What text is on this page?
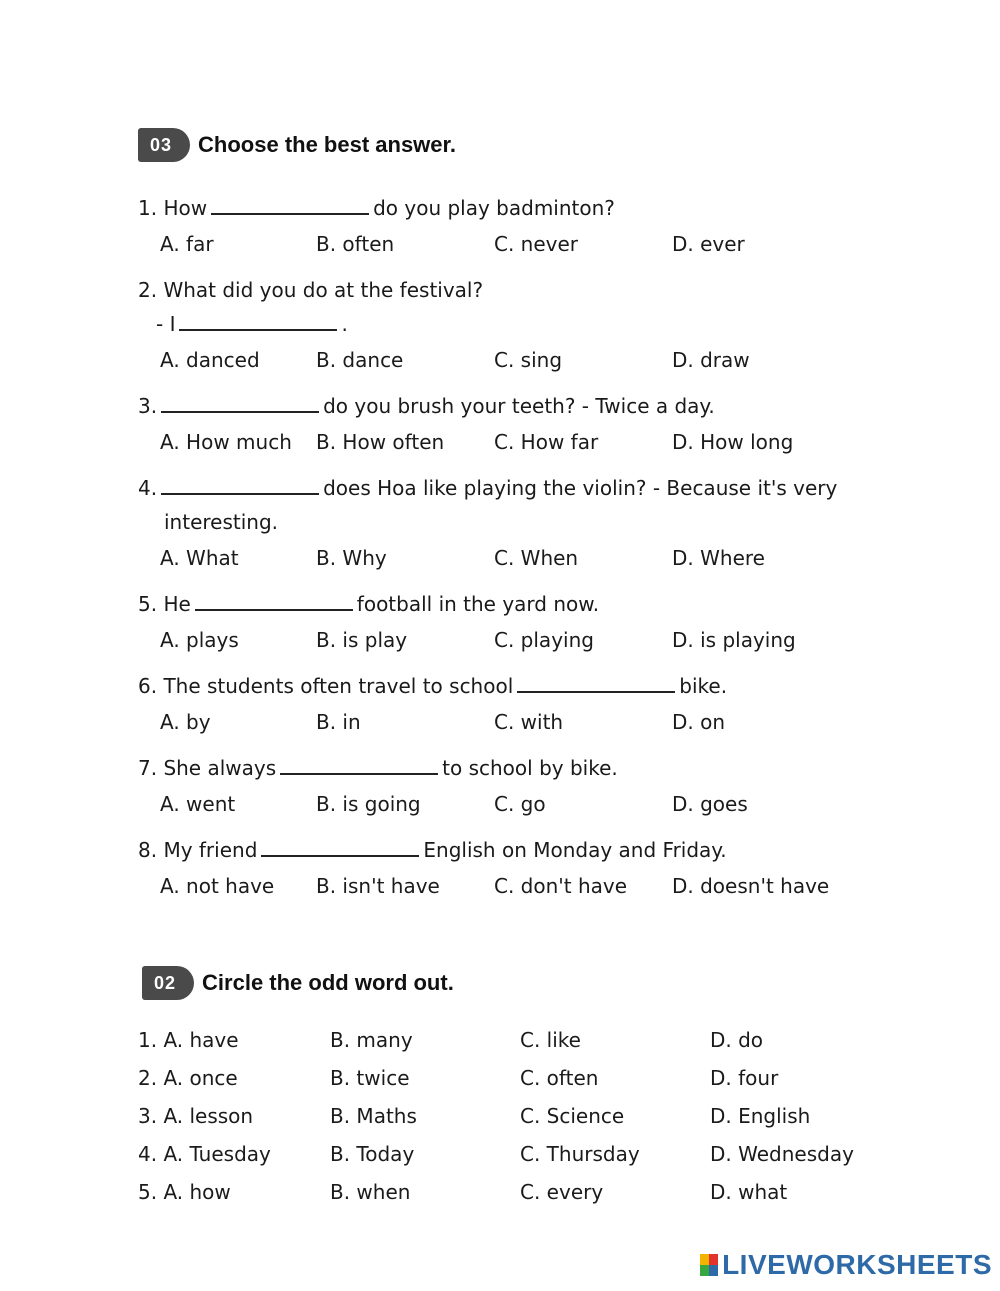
03 Choose the best answer.
1. How	do you play badminton?
A. far	B. often	C. never	D. ever
2. What did you do at the festival?
- I	.
A. danced	B. dance	C. sing	D. draw
3.	do you brush your teeth? - Twice a day.
A. How much B. How often C. How far	D. How long
4.	does Hoa like playing the violin? - Because it's very
interesting.
A. What	B. Why	C. When	D. Where
5. He	football in the yard now.
A. plays	B. is play	C. playing	D. is playing
6. The students often travel to school	bike.
A. by	B. in	C. with	D. on
7. She always	to school by bike.
A. went	B. is going	C. go	D. goes
8. My friend	English on Monday and Friday.
A. not have B. isn't have	C. don't have D. doesn't have
02 Circle the odd word out.
1. A. have	B. many	C. like	D. do
2. A. once	B. twice	C. often	D. four
3. A. lesson	B. Maths	C. Science	D. English
4. A. Tuesday	B. Today	C. Thursday	D. Wednesday
5. A. how	B. when	C. every	D. what
LIVEWORKSHEETS
